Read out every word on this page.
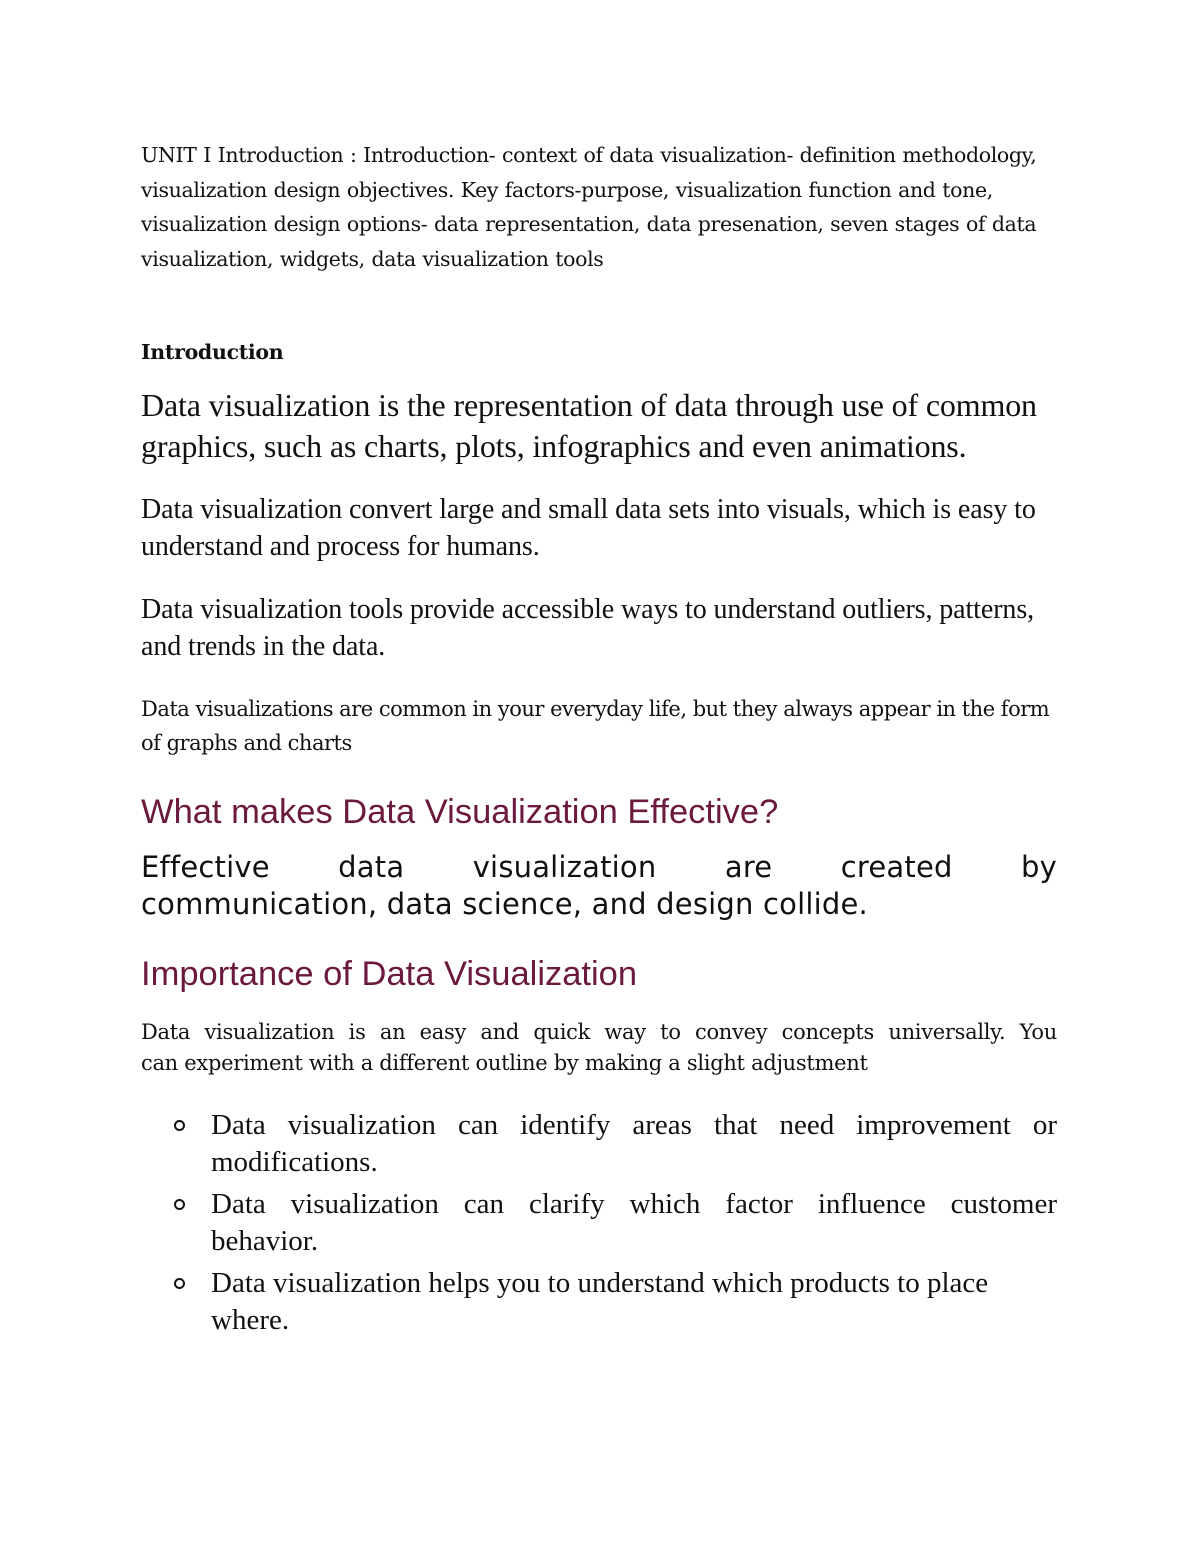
UNIT I Introduction : Introduction- context of data visualization- definition methodology, visualization design objectives. Key factors-purpose, visualization function and tone, visualization design options- data representation, data presenation, seven stages of data visualization, widgets, data visualization tools

Introduction

Data visualization is the representation of data through use of common graphics, such as charts, plots, infographics and even animations.

Data visualization convert large and small data sets into visuals, which is easy to understand and process for humans.

Data visualization tools provide accessible ways to understand outliers, patterns, and trends in the data.

Data visualizations are common in your everyday life, but they always appear in the form of graphs and charts

What makes Data Visualization Effective?

Effective data visualization are created by
communication, data science, and design collide.

Importance of Data Visualization

Data visualization is an easy and quick way to convey concepts universally. You
can experiment with a different outline by making a slight adjustment

Data visualization can identify areas that need improvement or
modifications.
Data visualization can clarify which factor influence customer
behavior.
Data visualization helps you to understand which products to place
where.
